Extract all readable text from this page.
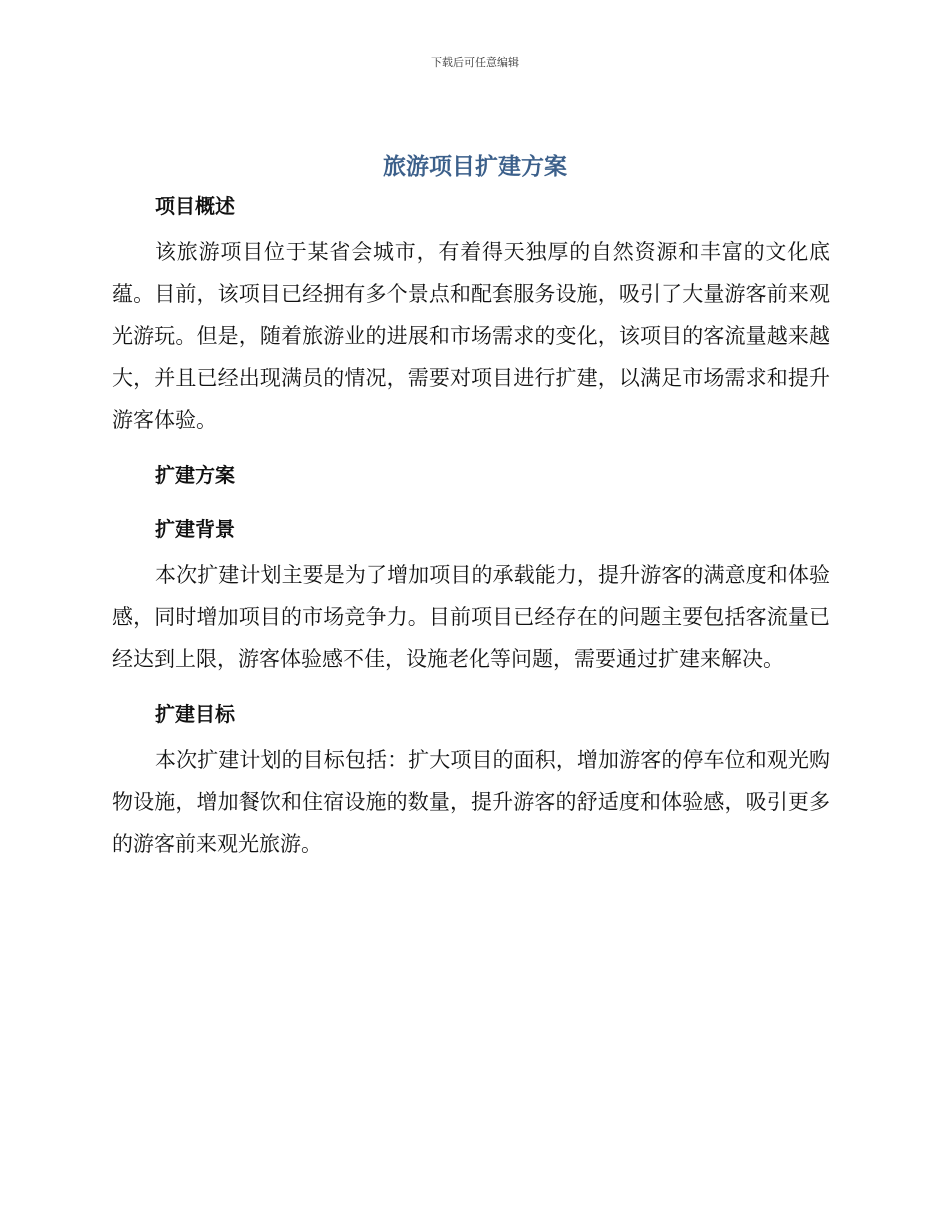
下载后可任意编辑
旅游项目扩建方案
项目概述

该旅游项目位于某省会城市，有着得天独厚的自然资源和丰富的文化底蕴。目前，该项目已经拥有多个景点和配套服务设施，吸引了大量游客前来观光游玩。但是，随着旅游业的进展和市场需求的变化，该项目的客流量越来越大，并且已经出现满员的情况，需要对项目进行扩建，以满足市场需求和提升游客体验。

扩建方案
扩建背景

本次扩建计划主要是为了增加项目的承载能力，提升游客的满意度和体验感，同时增加项目的市场竞争力。目前项目已经存在的问题主要包括客流量已经达到上限，游客体验感不佳，设施老化等问题，需要通过扩建来解决。

扩建目标

本次扩建计划的目标包括：扩大项目的面积，增加游客的停车位和观光购物设施，增加餐饮和住宿设施的数量，提升游客的舒适度和体验感，吸引更多的游客前来观光旅游。
